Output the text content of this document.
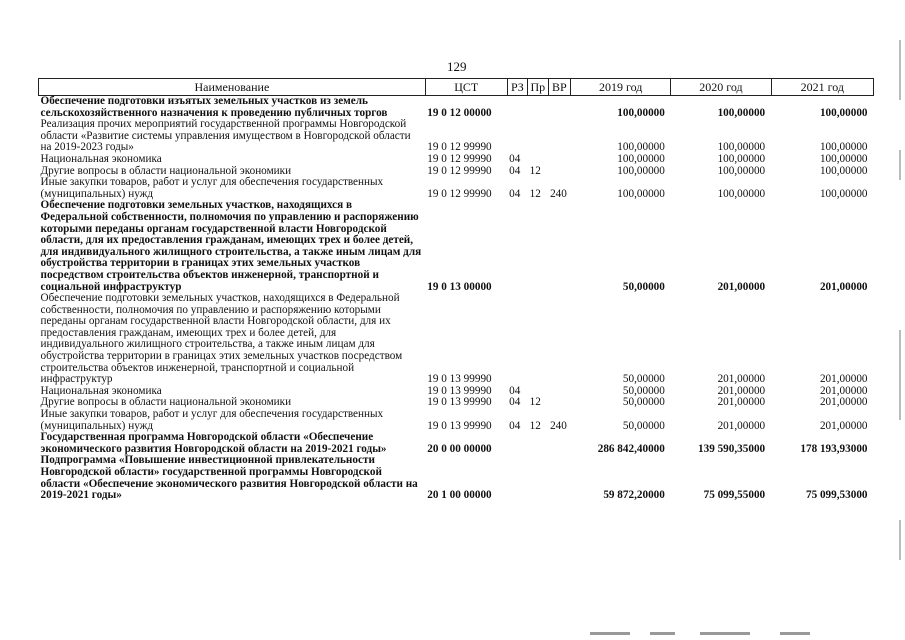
129
Наименование	ЦСТ	РЗ	Пр	ВР	2019 год	2020 год	2021 год
Обеспечение подготовки изъятых земельных участков из земель сельскохозяйственного назначения к проведению публичных торгов	19 0 12 00000				100,00000	100,00000	100,00000
Реализация прочих мероприятий государственной программы Новгородской области «Развитие системы управления имуществом в Новгородской области на 2019-2023 годы»	19 0 12 99990				100,00000	100,00000	100,00000
Национальная экономика	19 0 12 99990	04			100,00000	100,00000	100,00000
Другие вопросы в области национальной экономики	19 0 12 99990	04	12		100,00000	100,00000	100,00000
Иные закупки товаров, работ и услуг для обеспечения государственных (муниципальных) нужд	19 0 12 99990	04	12	240	100,00000	100,00000	100,00000
Обеспечение подготовки земельных участков, находящихся в Федеральной собственности, полномочия по управлению и распоряжению которыми переданы органам государственной власти Новгородской области, для их предоставления гражданам, имеющих трех и более детей, для индивидуального жилищного строительства, а также иным лицам для обустройства территории в границах этих земельных участков посредством строительства объектов инженерной, транспортной и социальной инфраструктур	19 0 13 00000				50,00000	201,00000	201,00000
Обеспечение подготовки земельных участков, находящихся в Федеральной собственности, полномочия по управлению и распоряжению которыми переданы органам государственной власти Новгородской области, для их предоставления гражданам, имеющих трех и более детей, для индивидуального жилищного строительства, а также иным лицам для обустройства территории в границах этих земельных участков посредством строительства объектов инженерной, транспортной и социальной инфраструктур	19 0 13 99990				50,00000	201,00000	201,00000
Национальная экономика	19 0 13 99990	04			50,00000	201,00000	201,00000
Другие вопросы в области национальной экономики	19 0 13 99990	04	12		50,00000	201,00000	201,00000
Иные закупки товаров, работ и услуг для обеспечения государственных (муниципальных) нужд	19 0 13 99990	04	12	240	50,00000	201,00000	201,00000
Государственная программа Новгородской области «Обеспечение экономического развития Новгородской области на 2019-2021 годы»	20 0 00 00000				286 842,40000	139 590,35000	178 193,93000
Подпрограмма «Повышение инвестиционной привлекательности Новгородской области» государственной программы Новгородской области «Обеспечение экономического развития Новгородской области на 2019-2021 годы»	20 1 00 00000				59 872,20000	75 099,55000	75 099,53000
